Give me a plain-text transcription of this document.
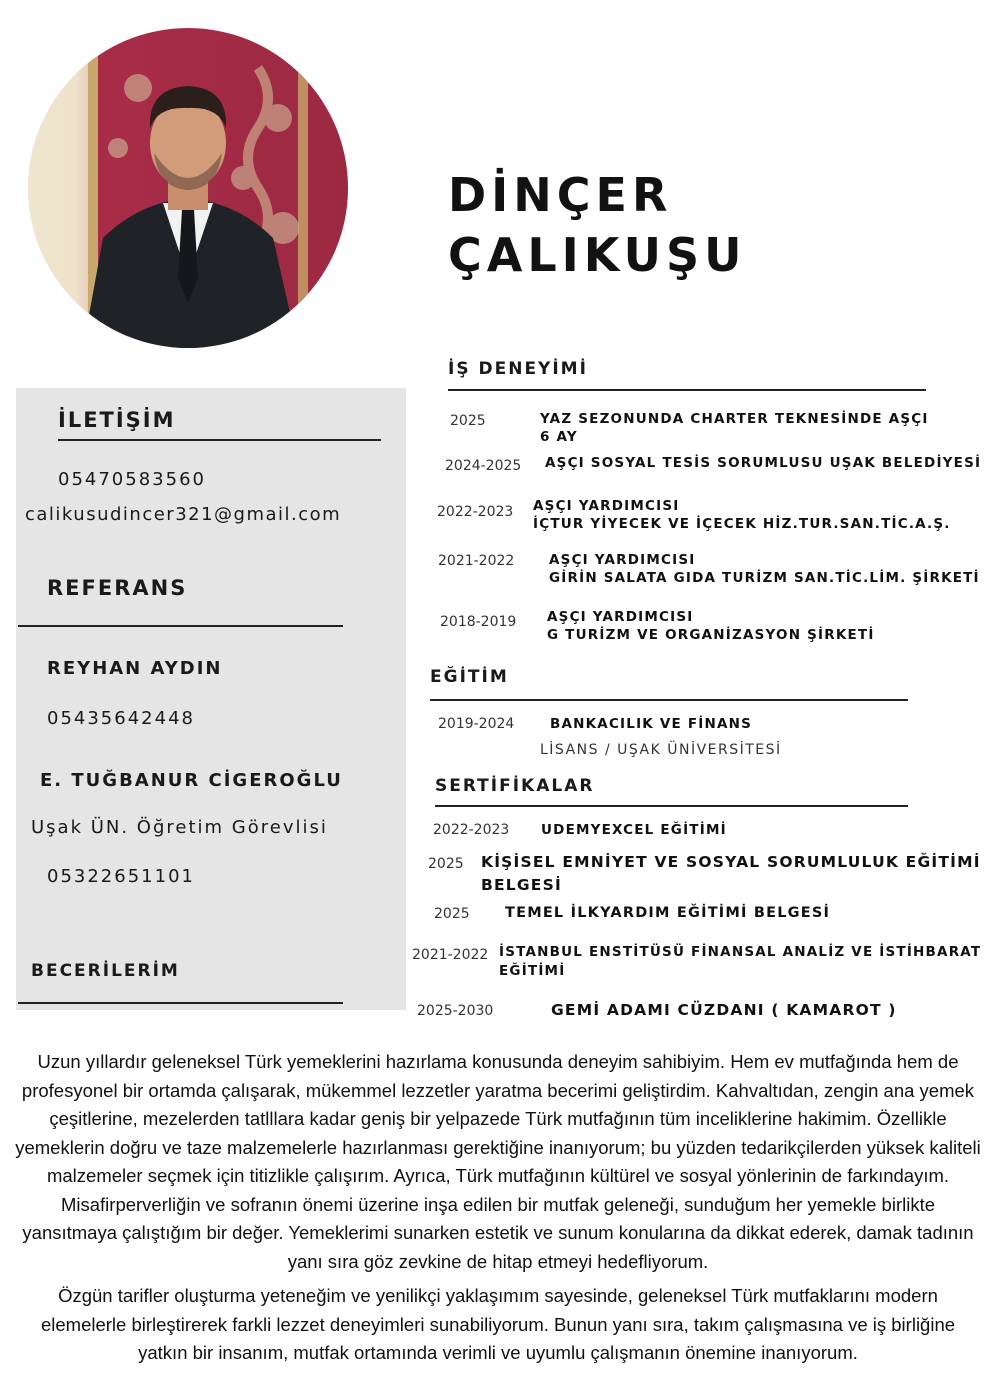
DİNÇER
ÇALIKUŞU
İLETİŞİM
05470583560
calikusudincer321@gmail.com
REFERANS
REYHAN AYDIN
05435642448
E. TUĞBANUR CİGEROĞLU
Uşak ÜN. Öğretim Görevlisi
05322651101
BECERİLERİM
İŞ DENEYİMİ
2025	YAZ SEZONUNDA CHARTER TEKNESİNDE AŞÇI
6 AY
2024-2025 AŞÇI SOSYAL TESİS SORUMLUSU UŞAK BELEDİYESİ
2022-2023 AŞÇI YARDIMCISI
İÇTUR YİYECEK VE İÇECEK HİZ.TUR.SAN.TİC.A.Ş.
2021-2022	AŞÇI YARDIMCISI
GİRİN SALATA GIDA TURİZM SAN.TİC.LİM. ŞİRKETİ
2018-2019 AŞÇI YARDIMCISI
G TURİZM VE ORGANİZASYON ŞİRKETİ
EĞİTİM
2019-2024	BANKACILIK VE FİNANS
LİSANS / UŞAK ÜNİVERSİTESİ
SERTİFİKALAR
2022-2023 UDEMYEXCEL EĞİTİMİ
2025 KİŞİSEL EMNİYET VE SOSYAL SORUMLULUK EĞİTİMİ
BELGESİ
2025 TEMEL İLKYARDIM EĞİTİMİ BELGESİ
2021-2022 İSTANBUL ENSTİTÜSÜ FİNANSAL ANALİZ VE İSTİHBARAT
EĞİTİMİ
2025-2030	GEMİ ADAMI CÜZDANI ( KAMAROT )

Uzun yıllardır geleneksel Türk yemeklerini hazırlama konusunda deneyim sahibiyim. Hem ev mutfağında hem de profesyonel bir ortamda çalışarak, mükemmel lezzetler yaratma becerimi geliştirdim. Kahvaltıdan, zengin ana yemek çeşitlerine, mezelerden tatlllara kadar geniş bir yelpazede Türk mutfağının tüm inceliklerine hakimim. Özellikle yemeklerin doğru ve taze malzemelerle hazırlanması gerektiğine inanıyorum; bu yüzden tedarikçilerden yüksek kaliteli malzemeler seçmek için titizlikle çalışırım. Ayrıca, Türk mutfağının kültürel ve sosyal yönlerinin de farkındayım. Misafirperverliğin ve sofranın önemi üzerine inşa edilen bir mutfak geleneği, sunduğum her yemekle birlikte yansıtmaya çalıştığım bir değer. Yemeklerimi sunarken estetik ve sunum konularına da dikkat ederek, damak tadının yanı sıra göz zevkine de hitap etmeyi hedefliyorum.

Özgün tarifler oluşturma yeteneğim ve yenilikçi yaklaşımım sayesinde, geleneksel Türk mutfaklarını modern elemelerle birleştirerek farkli lezzet deneyimleri sunabiliyorum. Bunun yanı sıra, takım çalışmasına ve iş birliğine yatkın bir insanım, mutfak ortamında verimli ve uyumlu çalışmanın önemine inanıyorum.
